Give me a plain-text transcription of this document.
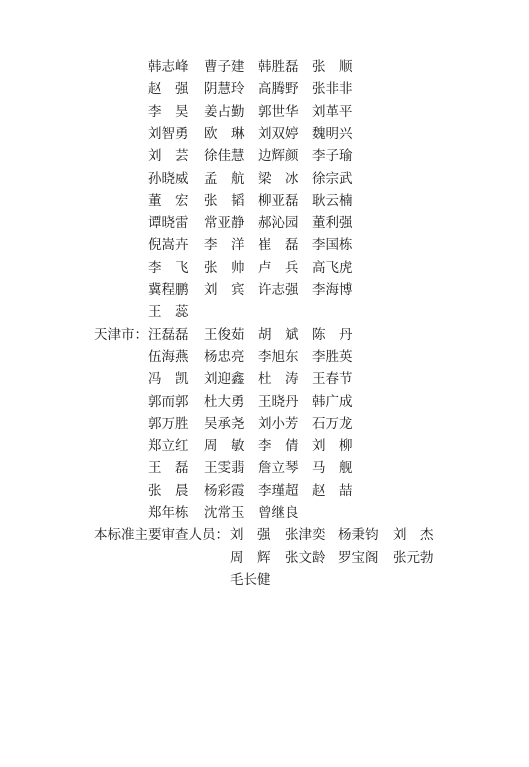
韩志峰 曹子建 韩胜磊 张　顺
赵　强 阴慧玲 高腾野 张非非
李　昊 姜占勤 郭世华 刘革平
刘智勇 欧　琳 刘双婷 魏明兴
刘　芸 徐佳慧 边辉颜 李子瑜
孙晓威 孟　航 梁　冰 徐宗武
董　宏 张　韬 柳亚磊 耿云楠
谭晓雷 常亚静 郝沁园 董利强
倪嵩卉 李　洋 崔　磊 李国栋
李　飞 张　帅 卢　兵 高飞虎
冀程鹏 刘　宾 许志强 李海博
王　蕊
汪磊磊 王俊茹 胡　斌 陈　丹
天津市：
伍海燕 杨忠亮 李旭东 李胜英
冯　凯 刘迎鑫 杜　涛 王春节
郭而郭 杜大勇 王晓丹 韩广成
郭万胜 吴承尧 刘小芳 石万龙
郑立红 周　敏 李　倩 刘　柳
王　磊 王雯翡 詹立琴 马　舰
张　晨 杨彩霞 李瑾超 赵　喆
郑年栋 沈常玉 曾继良
刘　强 张津奕 杨秉钧 刘　杰
本标准主要审查人员：
周　辉 张文龄 罗宝阁 张元勃
毛长健
